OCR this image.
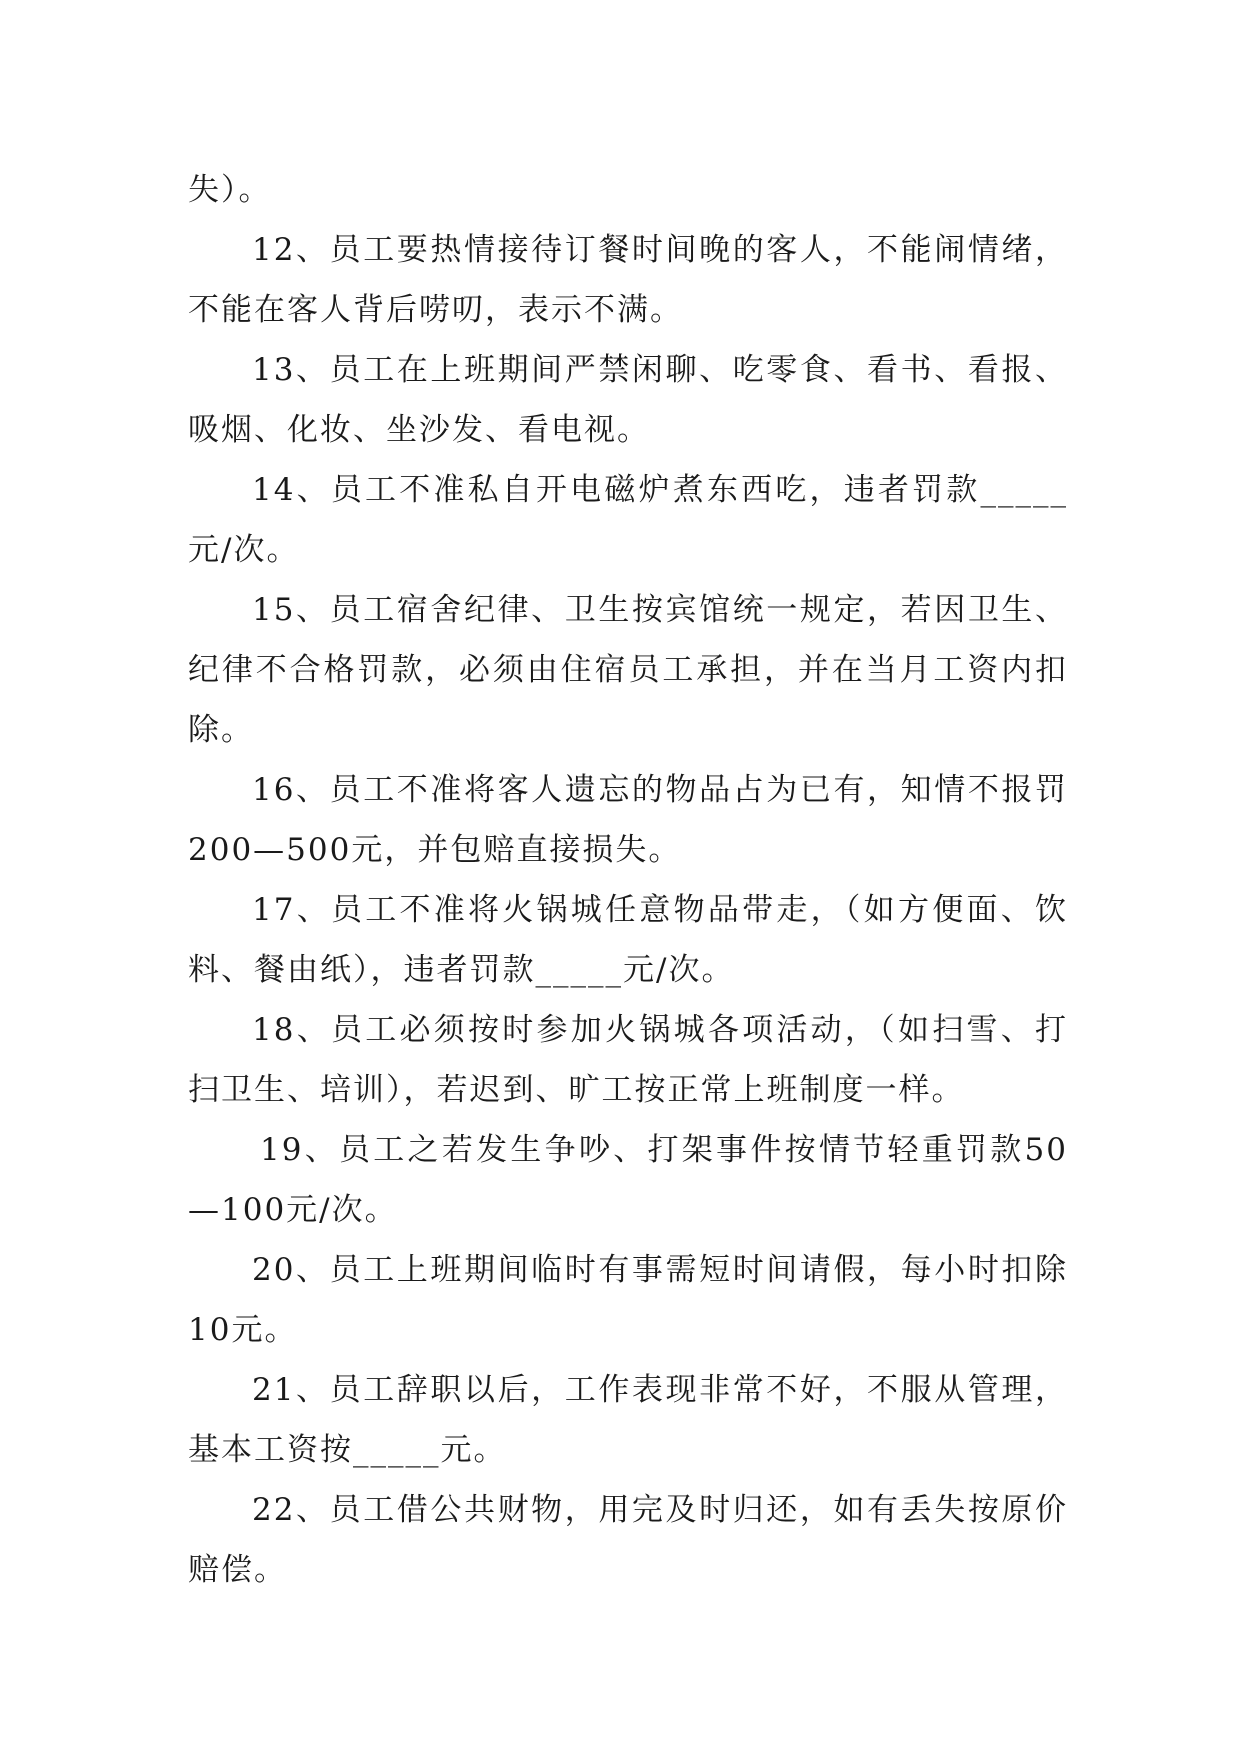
失）。

12、员工要热情接待订餐时间晚的客人，不能闹情绪，不能在客人背后唠叨，表示不满。

13、员工在上班期间严禁闲聊、吃零食、看书、看报、吸烟、化妆、坐沙发、看电视。

14、员工不准私自开电磁炉煮东西吃，违者罚款_____元/次。

15、员工宿舍纪律、卫生按宾馆统一规定，若因卫生、纪律不合格罚款，必须由住宿员工承担，并在当月工资内扣除。

16、员工不准将客人遗忘的物品占为已有，知情不报罚200—500元，并包赔直接损失。

17、员工不准将火锅城任意物品带走，（如方便面、饮料、餐由纸），违者罚款_____元/次。

18、员工必须按时参加火锅城各项活动，（如扫雪、打扫卫生、培训），若迟到、旷工按正常上班制度一样。

19、员工之若发生争吵、打架事件按情节轻重罚款50—100元/次。

20、员工上班期间临时有事需短时间请假，每小时扣除10元。

21、员工辞职以后，工作表现非常不好，不服从管理，基本工资按_____元。

22、员工借公共财物，用完及时归还，如有丢失按原价赔偿。
